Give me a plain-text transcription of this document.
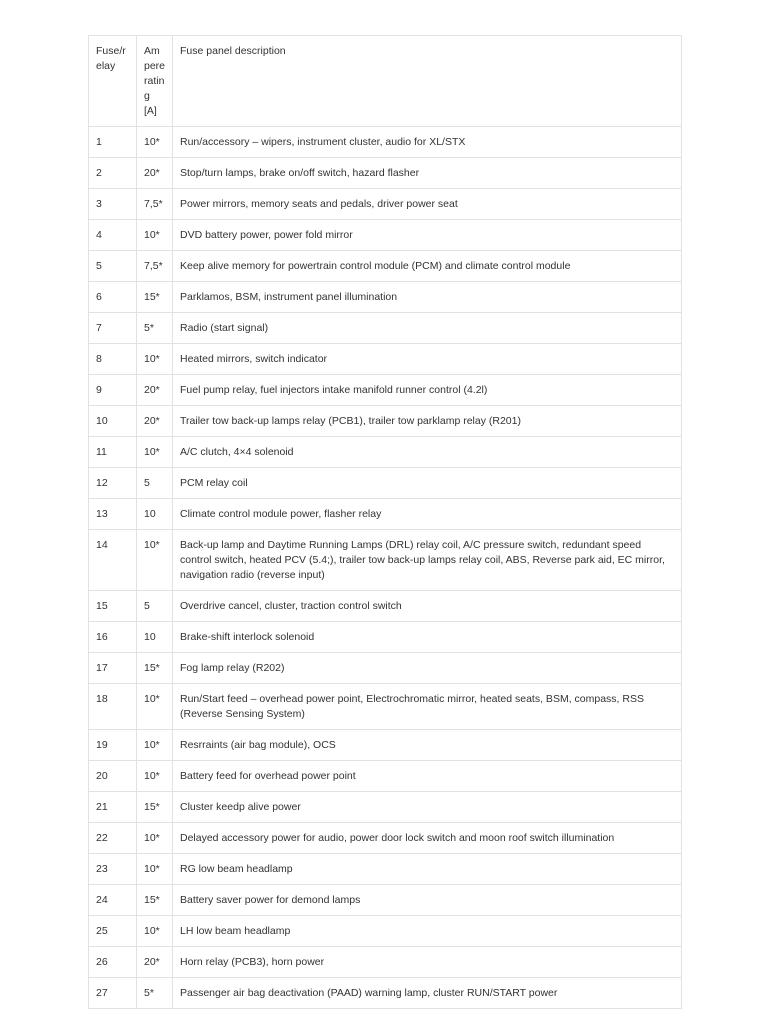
Fuse/relay	Ampere rating [A]	Fuse panel description
1	10*	Run/accessory – wipers, instrument cluster, audio for XL/STX
2	20*	Stop/turn lamps, brake on/off switch, hazard flasher
3	7,5*	Power mirrors, memory seats and pedals, driver power seat
4	10*	DVD battery power, power fold mirror
5	7,5*	Keep alive memory for powertrain control module (PCM) and climate control module
6	15*	Parklamos, BSM, instrument panel illumination
7	5*	Radio (start signal)
8	10*	Heated mirrors, switch indicator
9	20*	Fuel pump relay, fuel injectors intake manifold runner control (4.2l)
10	20*	Trailer tow back-up lamps relay (PCB1), trailer tow parklamp relay (R201)
11	10*	A/C clutch, 4×4 solenoid
12	5	PCM relay coil
13	10	Climate control module power, flasher relay
14	10*	Back-up lamp and Daytime Running Lamps (DRL) relay coil, A/C pressure switch, redundant speed control switch, heated PCV (5.4;), trailer tow back-up lamps relay coil, ABS, Reverse park aid, EC mirror, navigation radio (reverse input)
15	5	Overdrive cancel, cluster, traction control switch
16	10	Brake-shift interlock solenoid
17	15*	Fog lamp relay (R202)
18	10*	Run/Start feed – overhead power point, Electrochromatic mirror, heated seats, BSM, compass, RSS (Reverse Sensing System)
19	10*	Resrraints (air bag module), OCS
20	10*	Battery feed for overhead power point
21	15*	Cluster keedp alive power
22	10*	Delayed accessory power for audio, power door lock switch and moon roof switch illumination
23	10*	RG low beam headlamp
24	15*	Battery saver power for demond lamps
25	10*	LH low beam headlamp
26	20*	Horn relay (PCB3), horn power
27	5*	Passenger air bag deactivation (PAAD) warning lamp, cluster RUN/START power
